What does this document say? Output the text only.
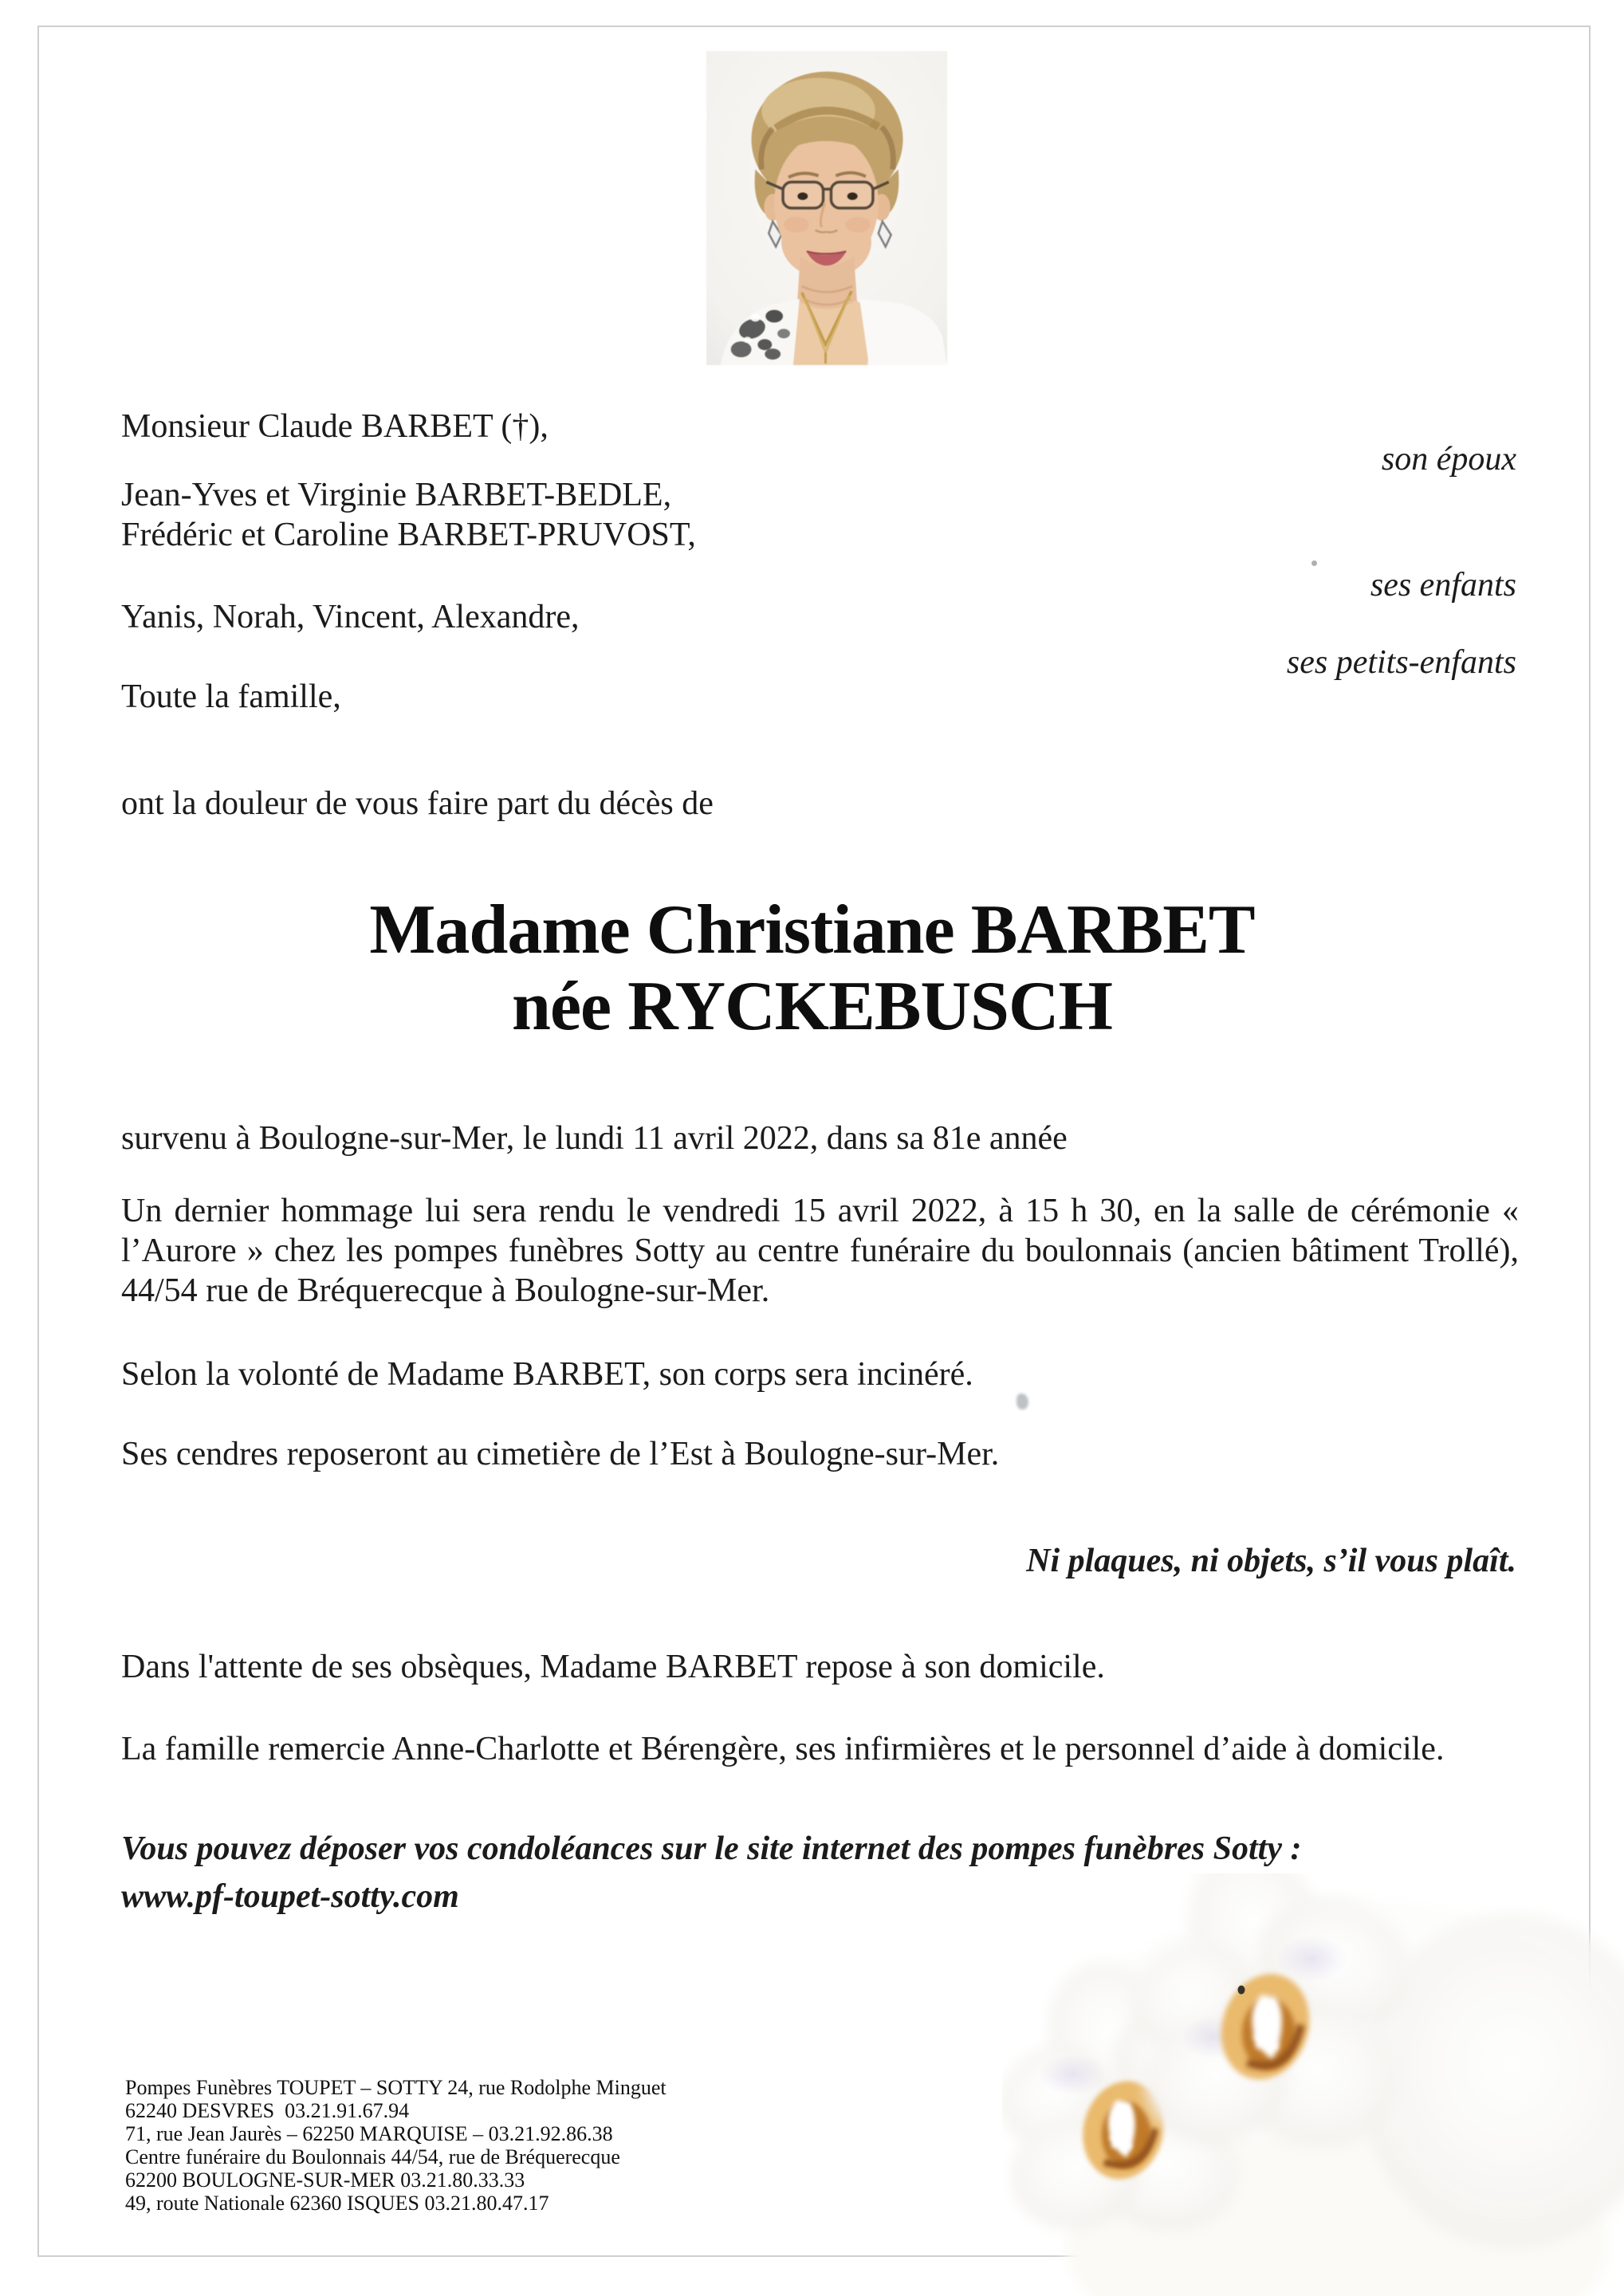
Monsieur Claude BARBET (†),
son époux
Jean-Yves et Virginie BARBET-BEDLE,
Frédéric et Caroline BARBET-PRUVOST,
ses enfants
Yanis, Norah, Vincent, Alexandre,
ses petits-enfants
Toute la famille,
ont la douleur de vous faire part du décès de
Madame Christiane BARBET
née RYCKEBUSCH
survenu à Boulogne-sur-Mer, le lundi 11 avril 2022, dans sa 81e année
Un dernier hommage lui sera rendu le vendredi 15 avril 2022, à 15 h 30, en la salle de cérémonie « l’Aurore » chez les pompes funèbres Sotty au centre funéraire du boulonnais (ancien bâtiment Trollé), 44/54 rue de Bréquerecque à Boulogne-sur-Mer.
Selon la volonté de Madame BARBET, son corps sera incinéré.
Ses cendres reposeront au cimetière de l’Est à Boulogne-sur-Mer.
Ni plaques, ni objets, s’il vous plaît.
Dans l'attente de ses obsèques, Madame BARBET repose à son domicile.
La famille remercie Anne-Charlotte et Bérengère, ses infirmières et le personnel d’aide à domicile.
Vous pouvez déposer vos condoléances sur le site internet des pompes funèbres Sotty :
www.pf-toupet-sotty.com
Pompes Funèbres TOUPET – SOTTY 24, rue Rodolphe Minguet
62240 DESVRES  03.21.91.67.94
71, rue Jean Jaurès – 62250 MARQUISE – 03.21.92.86.38
Centre funéraire du Boulonnais 44/54, rue de Bréquerecque
62200 BOULOGNE-SUR-MER 03.21.80.33.33
49, route Nationale 62360 ISQUES 03.21.80.47.17
